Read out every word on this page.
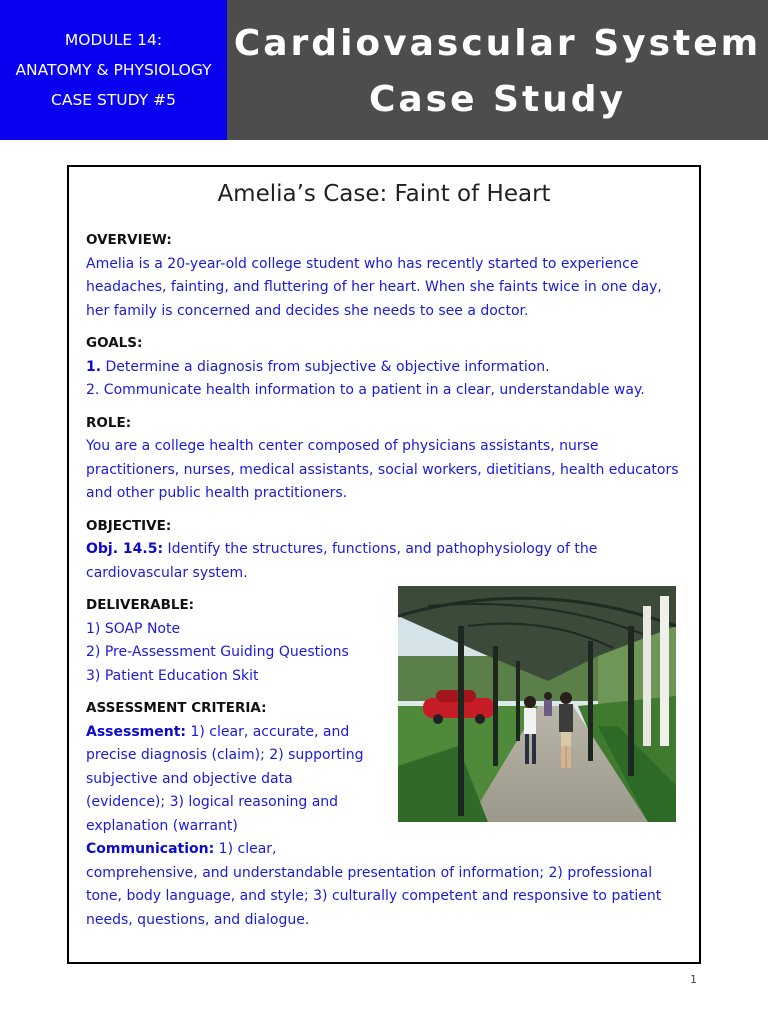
MODULE 14:
ANATOMY & PHYSIOLOGY
CASE STUDY #5
Cardiovascular System
Case Study
Amelia’s Case: Faint of Heart
OVERVIEW:
Amelia is a 20-year-old college student who has recently started to experience headaches, fainting, and fluttering of her heart. When she faints twice in one day, her family is concerned and decides she needs to see a doctor.
GOALS:
1. Determine a diagnosis from subjective & objective information.
2. Communicate health information to a patient in a clear, understandable way.
ROLE:
You are a college health center composed of physicians assistants, nurse practitioners, nurses, medical assistants, social workers, dietitians, health educators and other public health practitioners.
OBJECTIVE:
Obj. 14.5: Identify the structures, functions, and pathophysiology of the cardiovascular system.
DELIVERABLE:
1) SOAP Note
2) Pre-Assessment Guiding Questions
3) Patient Education Skit
ASSESSMENT CRITERIA:
Assessment: 1) clear, accurate, and precise diagnosis (claim); 2) supporting subjective and objective data (evidence); 3) logical reasoning and explanation (warrant)
Communication: 1) clear,
comprehensive, and understandable presentation of information; 2) professional tone, body language, and style; 3) culturally competent and responsive to patient needs, questions, and dialogue.
1
